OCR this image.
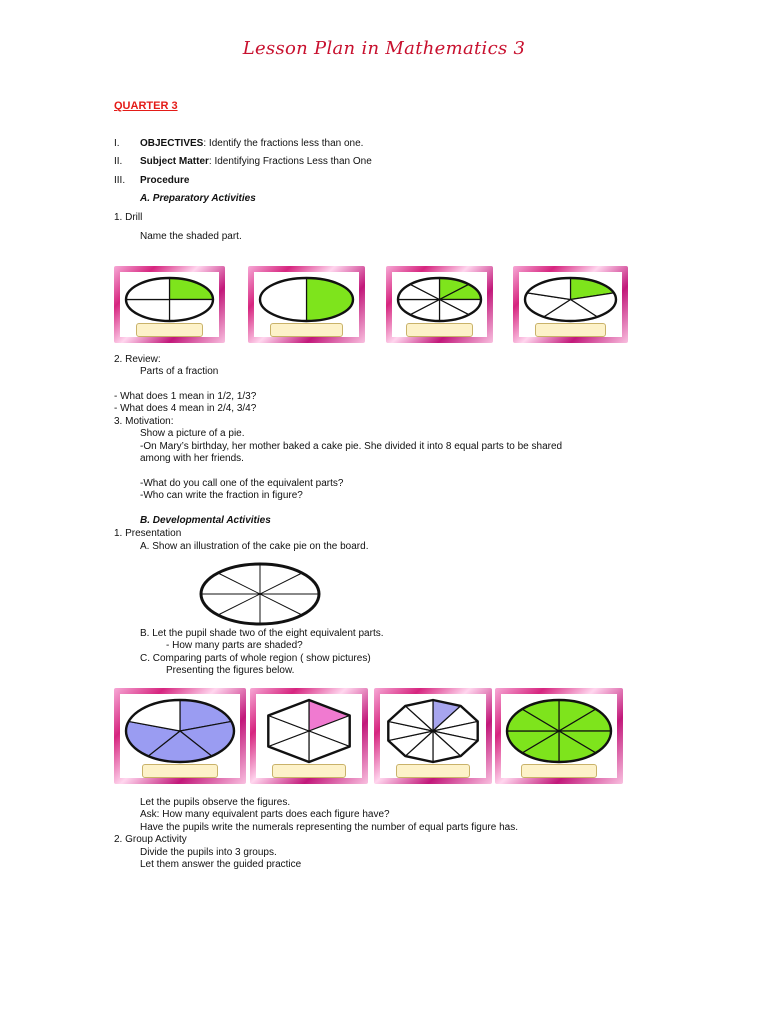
Lesson Plan in Mathematics 3
QUARTER 3
I. OBJECTIVES: Identify the fractions less than one.
II. Subject Matter: Identifying Fractions Less than One
III. Procedure
A. Preparatory Activities
1. Drill
Name the shaded part.
2. Review:
Parts of a fraction
- What does 1 mean in 1/2, 1/3?
- What does 4 mean in 2/4, 3/4?
3. Motivation:
Show a picture of a pie.
-On Mary’s birthday, her mother baked a cake pie. She divided it into 8 equal parts to be shared
among with her friends.
-What do you call one of the equivalent parts?
-Who can write the fraction in figure?
B. Developmental Activities
1. Presentation
A. Show an illustration of the cake pie on the board.
B. Let the pupil shade two of the eight equivalent parts.
- How many parts are shaded?
C. Comparing parts of whole region ( show pictures)
Presenting the figures below.
Let the pupils observe the figures.
Ask: How many equivalent parts does each figure have?
Have the pupils write the numerals representing the number of equal parts figure has.
2. Group Activity
Divide the pupils into 3 groups.
Let them answer the guided practice
